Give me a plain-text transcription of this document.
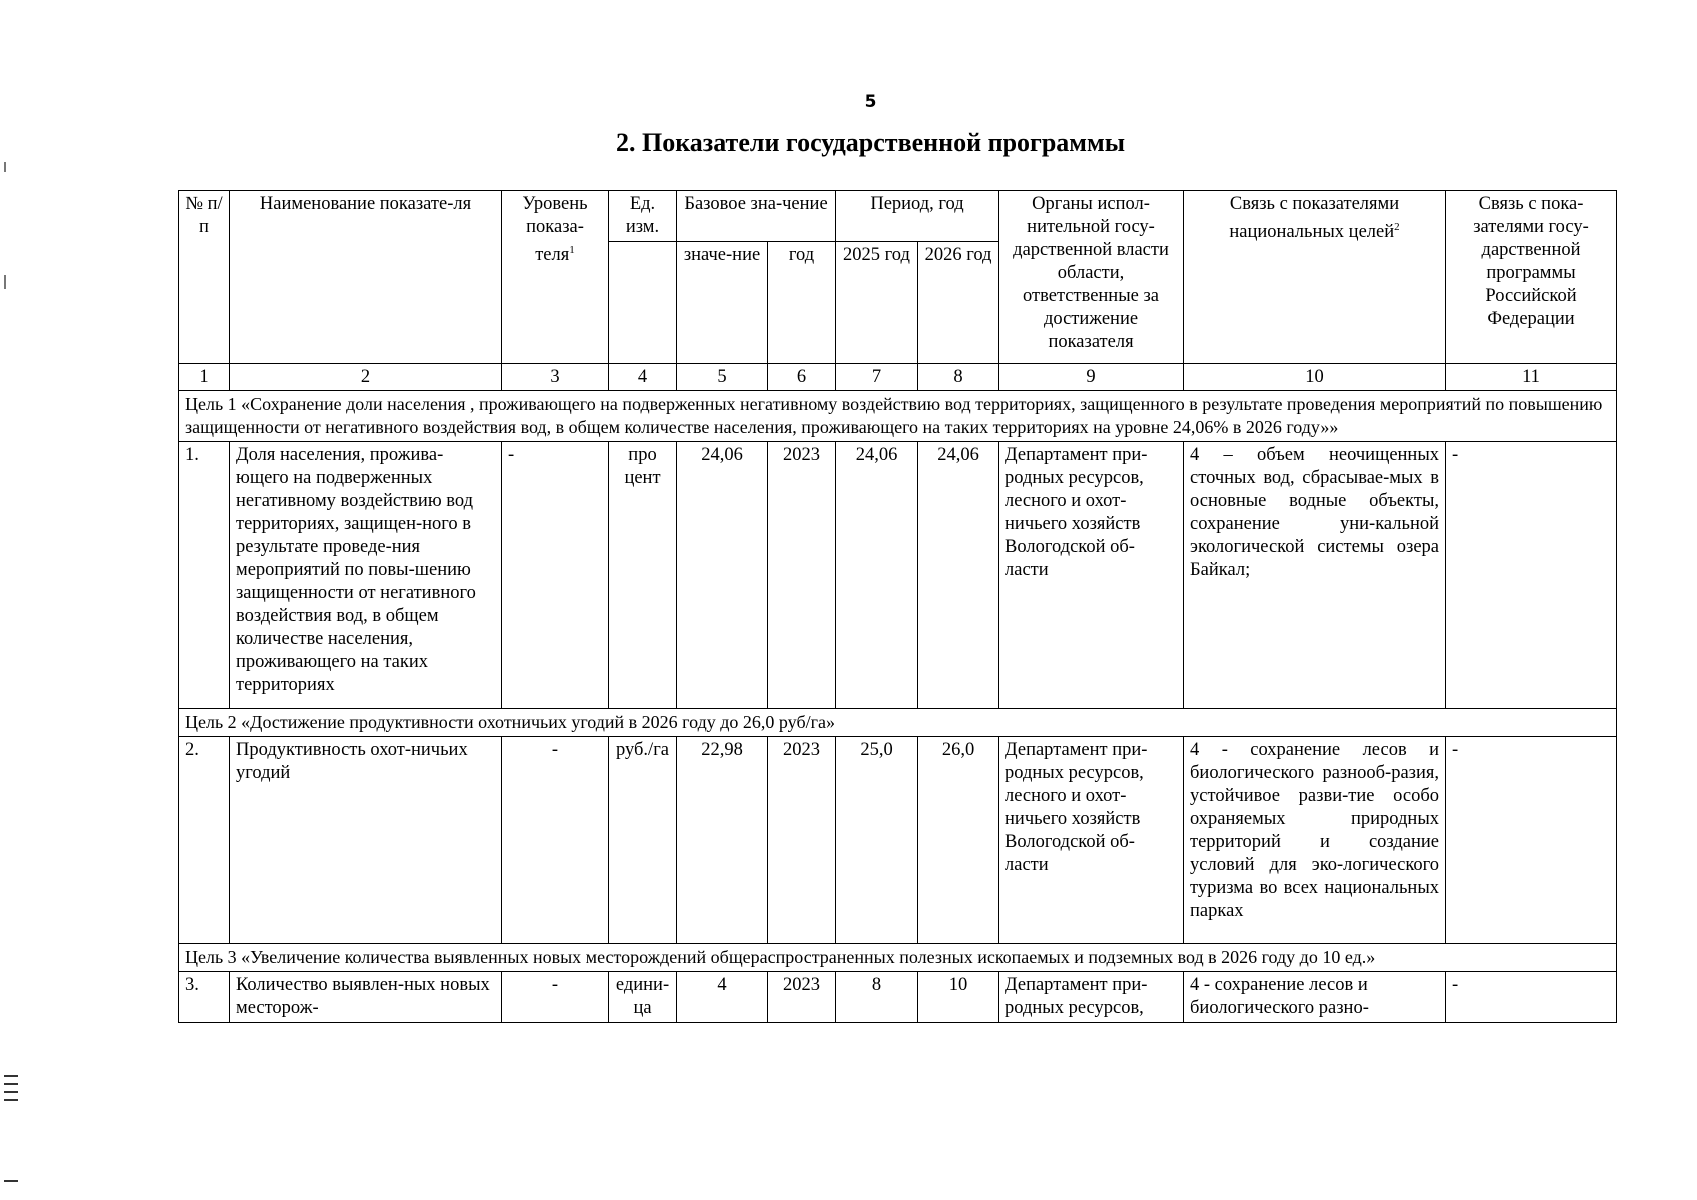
5
2. Показатели государственной программы
№ п/п	Наименование показате-ля	Уровень показа-теля$^1$	Ед. изм.	Базовое зна-чение		Период, год		Органы испол-нительной госу-дарственной власти области, ответственные за достижение показателя	Связь с показателями национальных целей$^2$	Связь с пока-зателями госу-дарственной программы Российской Федерации
				значе-ние	год	2025 год	2026 год			
1	2	3	4	5	6	7	8	9	10	11
Цель 1 «Сохранение доли населения , проживающего на подверженных негативному воздействию вод территориях, защищенного в результате проведения мероприятий по повышению защищенности от негативного воздействия вод, в общем количестве населения, проживающего на таких территориях на уровне 24,06% в 2026 году»»										
1.	Доля населения, прожива-ющего на подверженных негативному воздействию вод территориях, защищен-ного в результате проведе-ния мероприятий по повы-шению защищенности от негативного воздействия вод, в общем количестве населения, проживающего на таких территориях	-	про цент	24,06	2023	24,06	24,06	Департамент при-родных ресурсов, лесного и охот-ничьего хозяйств Вологодской об-ласти	4 – объем неочищенных сточных вод, сбрасывае-мых в основные водные объекты, сохранение уни-кальной экологической системы озера Байкал;	-
Цель 2 «Достижение продуктивности охотничьих угодий в 2026 году до 26,0 руб/га»										
2.	Продуктивность охот-ничьих угодий	-	руб./га	22,98	2023	25,0	26,0	Департамент при-родных ресурсов, лесного и охот-ничьего хозяйств Вологодской об-ласти	4 - сохранение лесов и биологического разнооб-разия, устойчивое разви-тие особо охраняемых природных территорий и создание условий для эко-логического туризма во всех национальных парках	-
Цель 3 «Увеличение количества выявленных новых месторождений общераспространенных полезных ископаемых и подземных вод в 2026 году до 10 ед.»										
3.	Количество выявлен-ных новых месторож-	-	едини-ца	4	2023	8	10	Департамент при-родных ресурсов,	4 - сохранение лесов и биологического разно-	-
